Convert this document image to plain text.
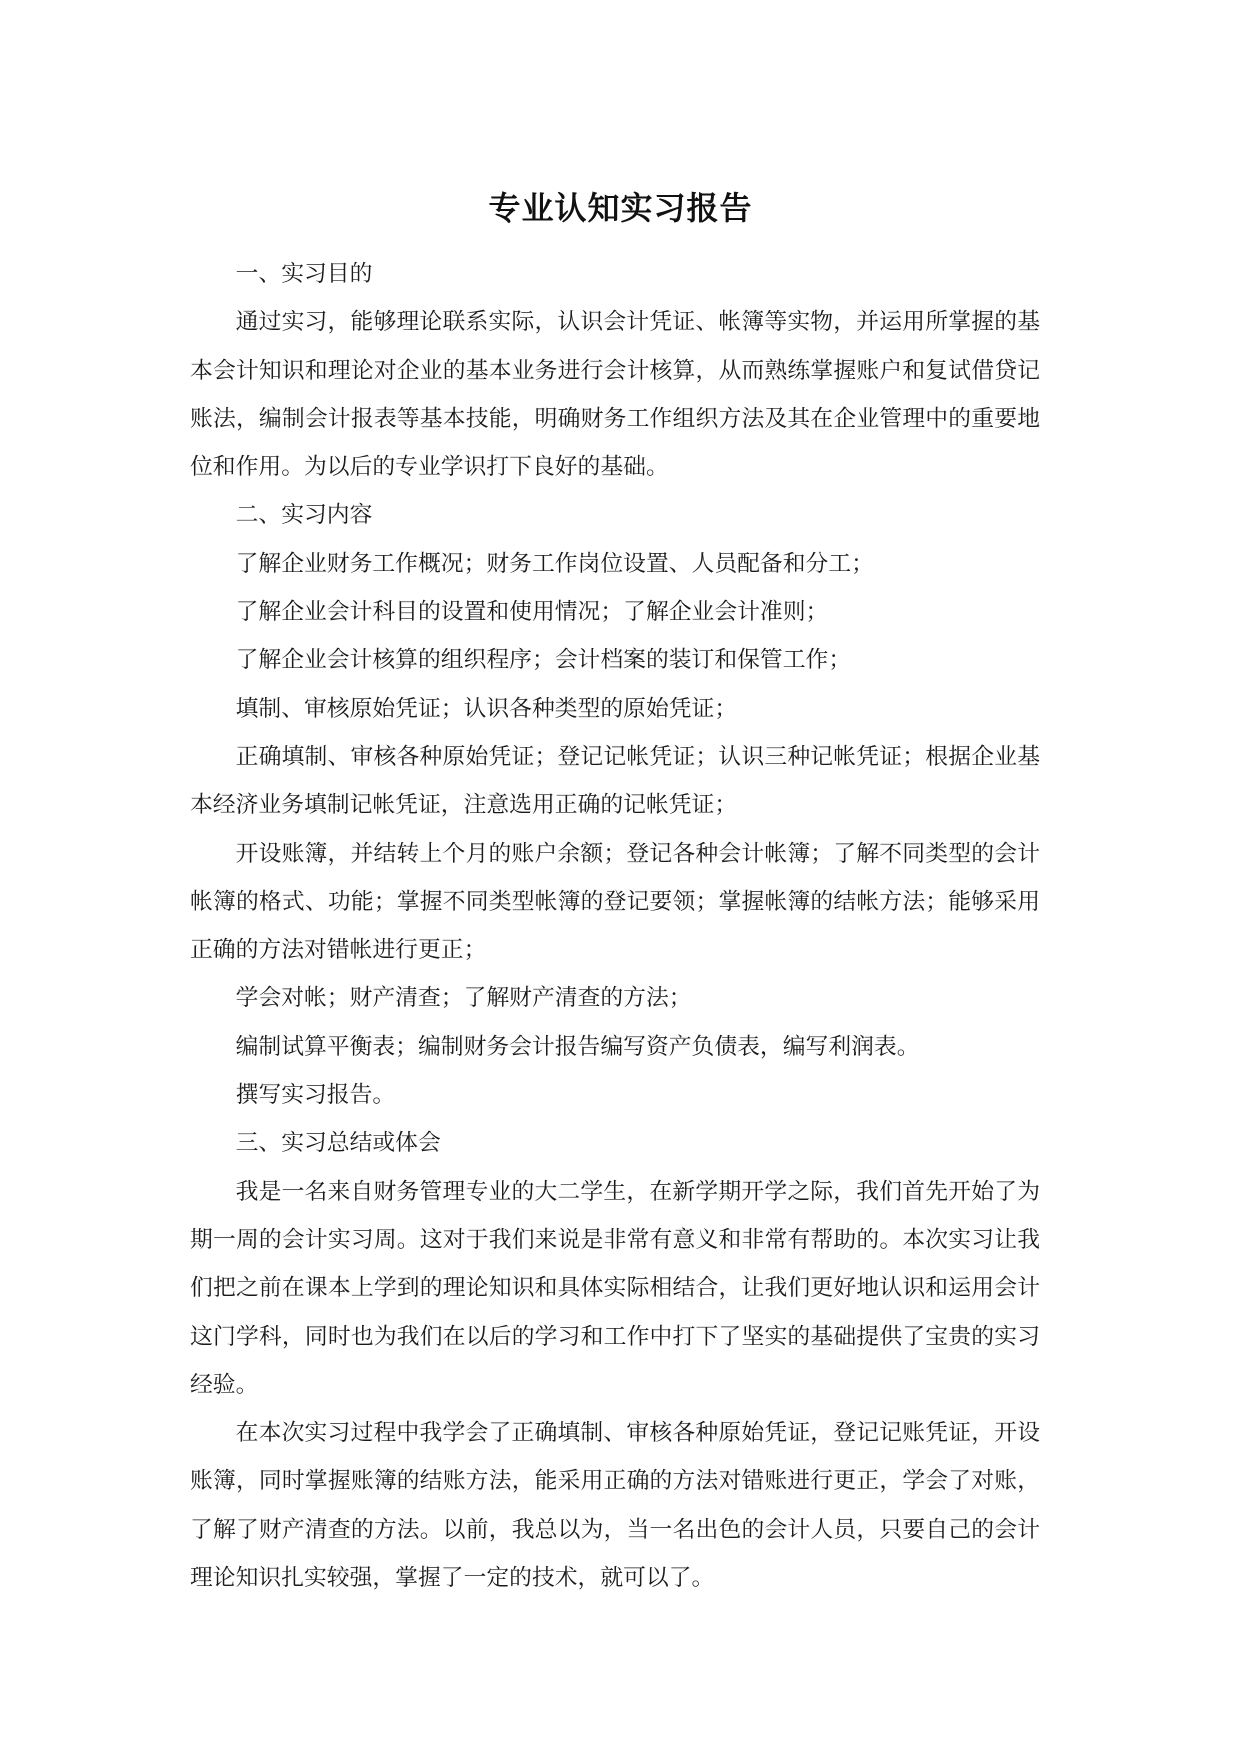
专业认知实习报告

一、实习目的

通过实习，能够理论联系实际，认识会计凭证、帐簿等实物，并运用所掌握的基本会计知识和理论对企业的基本业务进行会计核算，从而熟练掌握账户和复试借贷记账法，编制会计报表等基本技能，明确财务工作组织方法及其在企业管理中的重要地位和作用。为以后的专业学识打下良好的基础。

二、实习内容

了解企业财务工作概况；财务工作岗位设置、人员配备和分工；

了解企业会计科目的设置和使用情况；了解企业会计准则；

了解企业会计核算的组织程序；会计档案的装订和保管工作；

填制、审核原始凭证；认识各种类型的原始凭证；

正确填制、审核各种原始凭证；登记记帐凭证；认识三种记帐凭证；根据企业基本经济业务填制记帐凭证，注意选用正确的记帐凭证；

开设账簿，并结转上个月的账户余额；登记各种会计帐簿；了解不同类型的会计帐簿的格式、功能；掌握不同类型帐簿的登记要领；掌握帐簿的结帐方法；能够采用正确的方法对错帐进行更正；

学会对帐；财产清查；了解财产清查的方法；

编制试算平衡表；编制财务会计报告编写资产负债表，编写利润表。

撰写实习报告。

三、实习总结或体会

我是一名来自财务管理专业的大二学生，在新学期开学之际，我们首先开始了为期一周的会计实习周。这对于我们来说是非常有意义和非常有帮助的。本次实习让我们把之前在课本上学到的理论知识和具体实际相结合，让我们更好地认识和运用会计这门学科，同时也为我们在以后的学习和工作中打下了坚实的基础提供了宝贵的实习经验。

在本次实习过程中我学会了正确填制、审核各种原始凭证，登记记账凭证，开设账簿，同时掌握账簿的结账方法，能采用正确的方法对错账进行更正，学会了对账，了解了财产清查的方法。以前，我总以为，当一名出色的会计人员，只要自己的会计理论知识扎实较强，掌握了一定的技术，就可以了。
